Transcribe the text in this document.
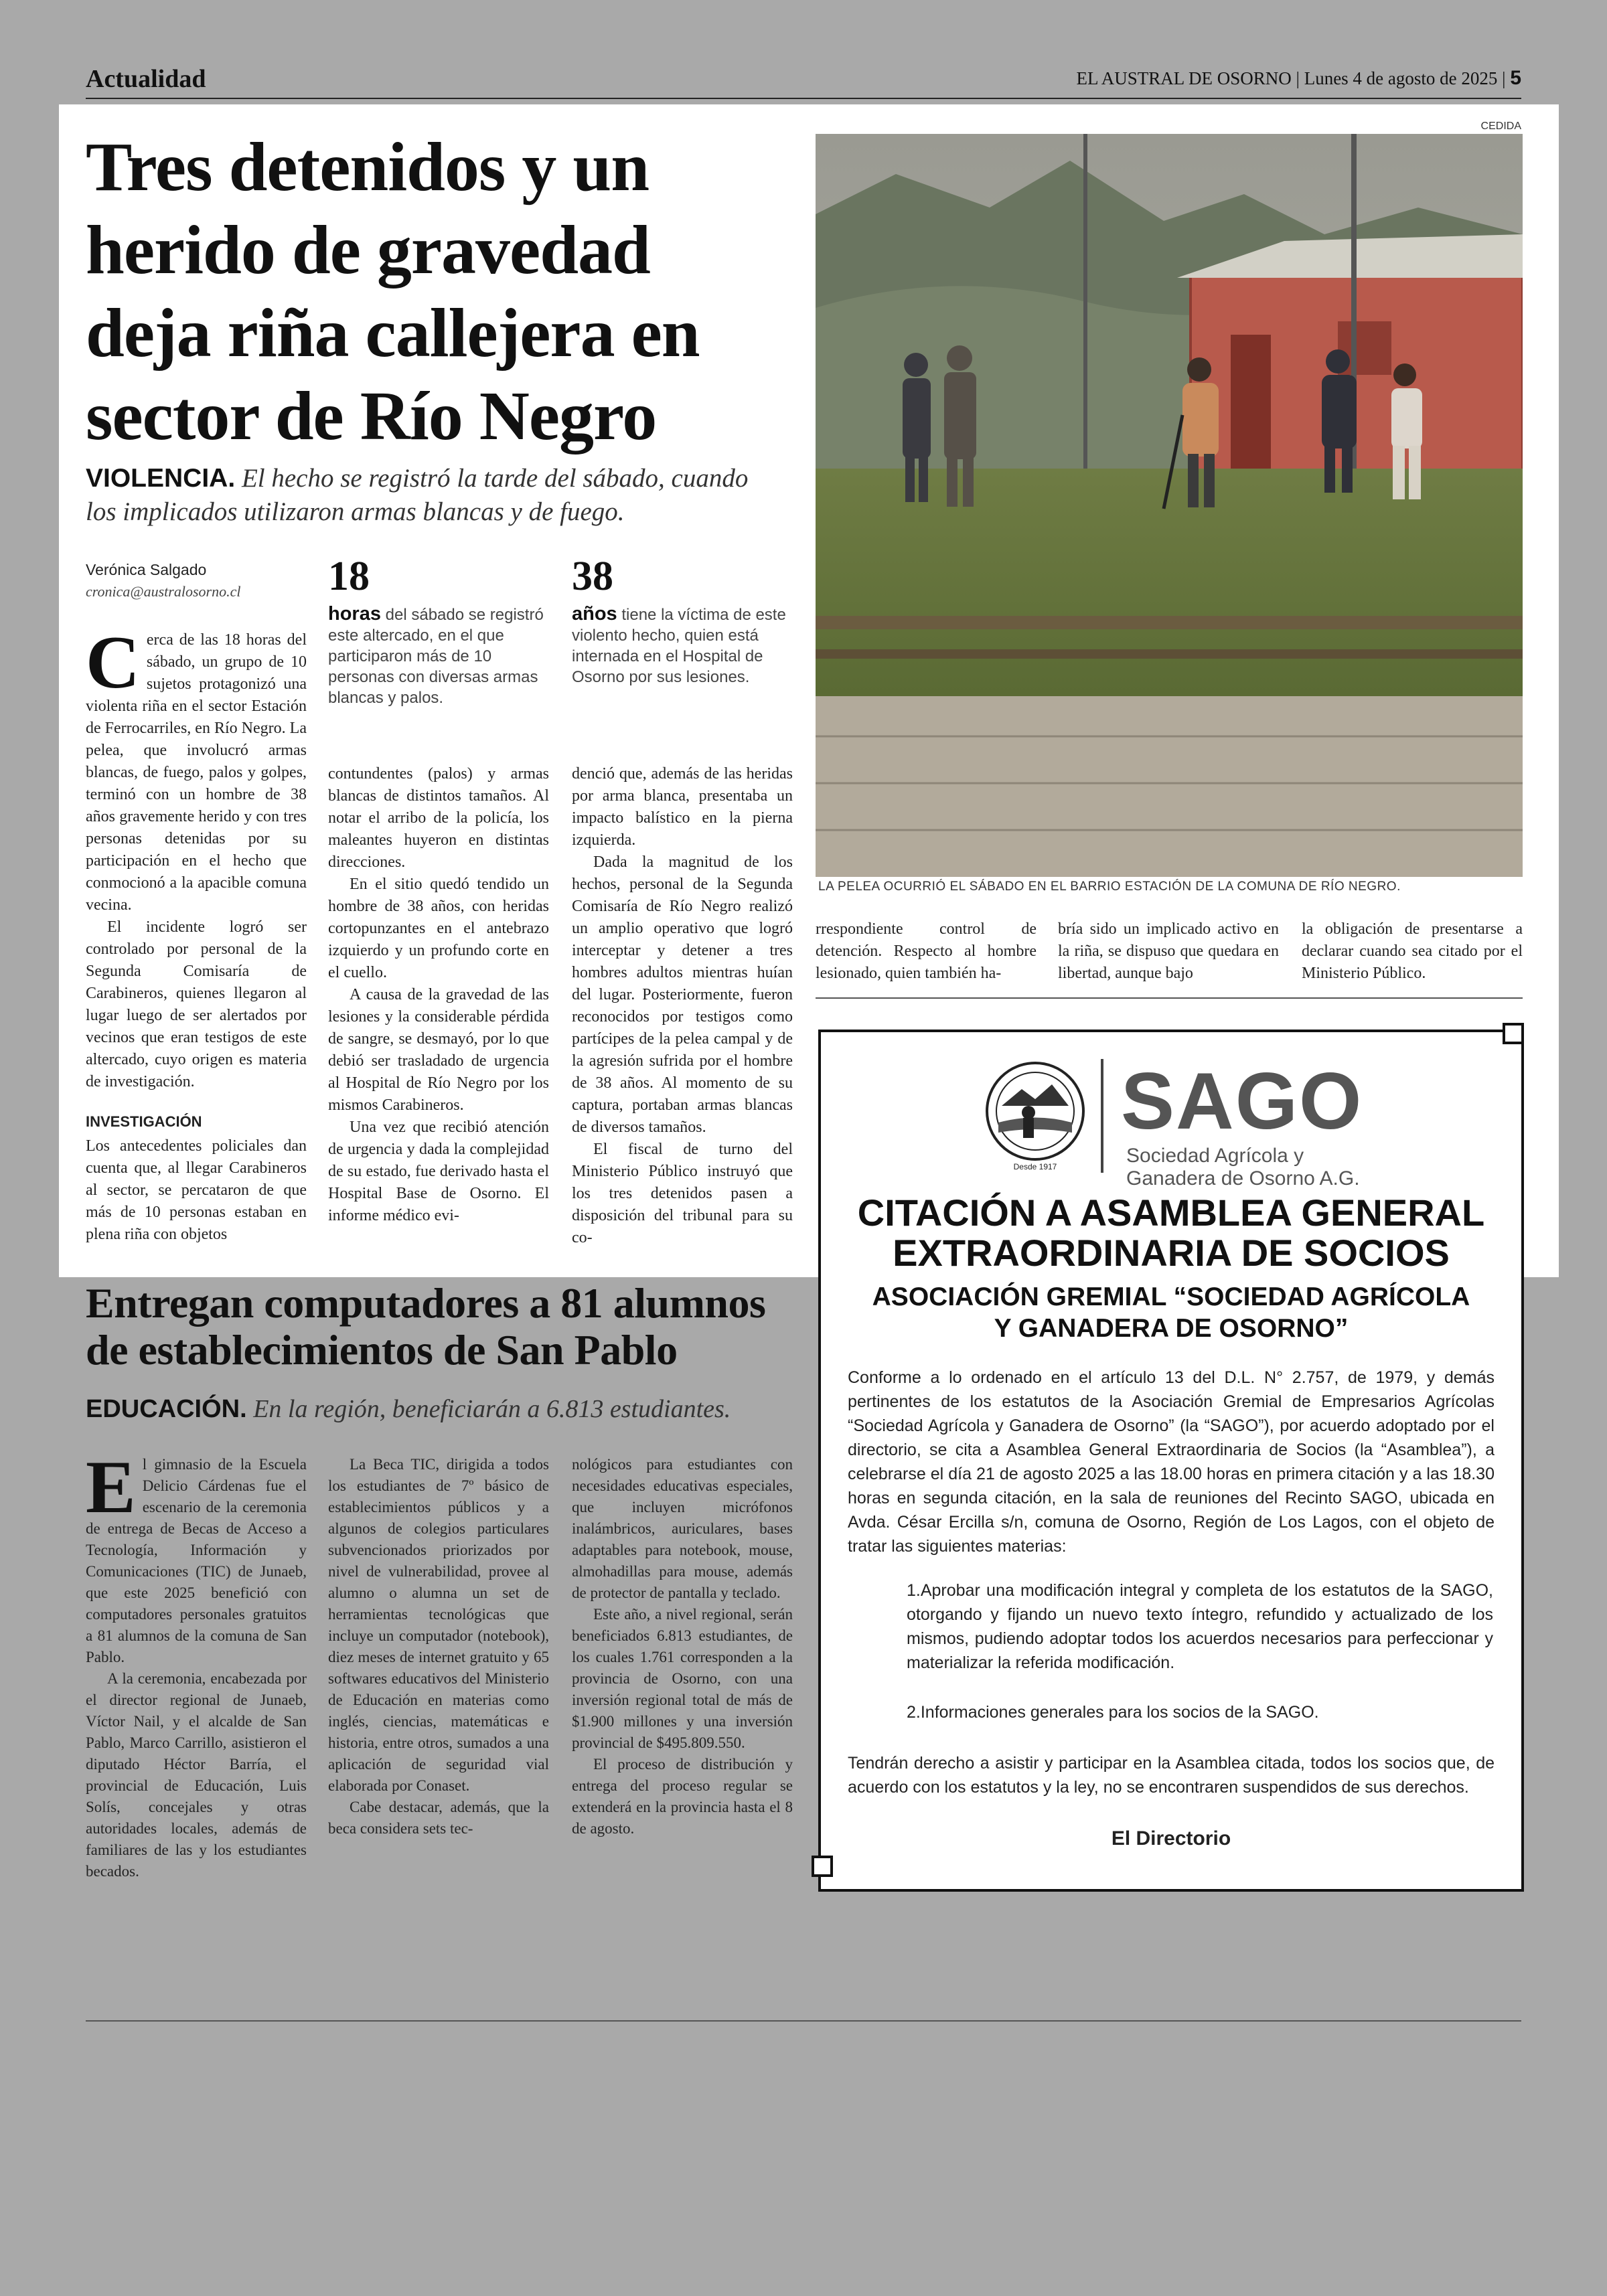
Actualidad	EL AUSTRAL DE OSORNO | Lunes 4 de agosto de 2025 | 5
Tres detenidos y un
herido de gravedad
deja riña callejera en
sector de Río Negro
VIOLENCIA. El hecho se registró la tarde del sábado, cuando los implicados utilizaron armas blancas y de fuego.
Verónica Salgado
cronica@australosorno.cl	18
horas del sábado se registró este altercado, en el que participaron más de 10 personas con diversas armas blancas y palos.
38
años tiene la víctima de este violento hecho, quien está internada en el Hospital de Osorno por sus lesiones.

Cerca de las 18 horas del sábado, un grupo de 10 sujetos protagonizó una violenta riña en el sector Estación de Ferrocarriles, en Río Negro. La pelea, que involucró armas blancas, de fuego, palos y golpes, terminó con un hombre de 38 años gravemente herido y con tres personas detenidas por su participación en el hecho que conmocionó a la apacible comuna vecina.

El incidente logró ser controlado por personal de la Segunda Comisaría de Carabineros, quienes llegaron al lugar luego de ser alertados por vecinos que eran testigos de este altercado, cuyo origen es materia de investigación.

INVESTIGACIÓN

Los antecedentes policiales dan cuenta que, al llegar Carabineros al sector, se percataron de que más de 10 personas estaban en plena riña con objetos

contundentes (palos) y armas blancas de distintos tamaños. Al notar el arribo de la policía, los maleantes huyeron en distintas direcciones.

En el sitio quedó tendido un hombre de 38 años, con heridas cortopunzantes en el antebrazo izquierdo y un profundo corte en el cuello.

A causa de la gravedad de las lesiones y la considerable pérdida de sangre, se desmayó, por lo que debió ser trasladado de urgencia al Hospital de Río Negro por los mismos Carabineros.

Una vez que recibió atención de urgencia y dada la complejidad de su estado, fue derivado hasta el Hospital Base de Osorno. El informe médico evi-

denció que, además de las heridas por arma blanca, presentaba un impacto balístico en la pierna izquierda.

Dada la magnitud de los hechos, personal de la Segunda Comisaría de Río Negro realizó un amplio operativo que logró interceptar y detener a tres hombres adultos mientras huían del lugar. Posteriormente, fueron reconocidos por testigos como partícipes de la pelea campal y de la agresión sufrida por el hombre de 38 años. Al momento de su captura, portaban armas blancas de diversos tamaños.

El fiscal de turno del Ministerio Público instruyó que los tres detenidos pasen a disposición del tribunal para su co-

CEDIDA
LA PELEA OCURRIÓ EL SÁBADO EN EL BARRIO ESTACIÓN DE LA COMUNA DE RÍO NEGRO.

rrespondiente control de detención. Respecto al hombre lesionado, quien también ha-

bría sido un implicado activo en la riña, se dispuso que quedara en libertad, aunque bajo

la obligación de presentarse a declarar cuando sea citado por el Ministerio Público.

Desde 1917
SAGO
Sociedad Agrícola y
Ganadera de Osorno A.G.
CITACIÓN A ASAMBLEA GENERAL
EXTRAORDINARIA DE SOCIOS
ASOCIACIÓN GREMIAL “SOCIEDAD AGRÍCOLA
Y GANADERA DE OSORNO”
Conforme a lo ordenado en el artículo 13 del D.L. N° 2.757, de 1979, y demás pertinentes de los estatutos de la Asociación Gremial de Empresarios Agrícolas “Sociedad Agrícola y Ganadera de Osorno” (la “SAGO”), por acuerdo adoptado por el directorio, se cita a Asamblea General Extraordinaria de Socios (la “Asamblea”), a celebrarse el día 21 de agosto 2025 a las 18.00 horas en primera citación y a las 18.30 horas en segunda citación, en la sala de reuniones del Recinto SAGO, ubicada en Avda. César Ercilla s/n, comuna de Osorno, Región de Los Lagos, con el objeto de tratar las siguientes materias:
1.Aprobar una modificación integral y completa de los estatutos de la SAGO, otorgando y fijando un nuevo texto íntegro, refundido y actualizado de los mismos, pudiendo adoptar todos los acuerdos necesarios para perfeccionar y materializar la referida modificación.
2.Informaciones generales para los socios de la SAGO.
Tendrán derecho a asistir y participar en la Asamblea citada, todos los socios que, de acuerdo con los estatutos y la ley, no se encontraren suspendidos de sus derechos.
El Directorio
Entregan computadores a 81 alumnos
de establecimientos de San Pablo
EDUCACIÓN. En la región, beneficiarán a 6.813 estudiantes.

El gimnasio de la Escuela Delicio Cárdenas fue el escenario de la ceremonia de entrega de Becas de Acceso a Tecnología, Información y Comunicaciones (TIC) de Junaeb, que este 2025 benefició con computadores personales gratuitos a 81 alumnos de la comuna de San Pablo.

A la ceremonia, encabezada por el director regional de Junaeb, Víctor Nail, y el alcalde de San Pablo, Marco Carrillo, asistieron el diputado Héctor Barría, el provincial de Educación, Luis Solís, concejales y otras autoridades locales, además de familiares de las y los estudiantes becados.

La Beca TIC, dirigida a todos los estudiantes de 7º básico de establecimientos públicos y a algunos de colegios particulares subvencionados priorizados por nivel de vulnerabilidad, provee al alumno o alumna un set de herramientas tecnológicas que incluye un computador (notebook), diez meses de internet gratuito y 65 softwares educativos del Ministerio de Educación en materias como inglés, ciencias, matemáticas e historia, entre otros, sumados a una aplicación de seguridad vial elaborada por Conaset.

Cabe destacar, además, que la beca considera sets tec-

nológicos para estudiantes con necesidades educativas especiales, que incluyen micrófonos inalámbricos, auriculares, bases adaptables para notebook, mouse, almohadillas para mouse, además de protector de pantalla y teclado.

Este año, a nivel regional, serán beneficiados 6.813 estudiantes, de los cuales 1.761 corresponden a la provincia de Osorno, con una inversión regional total de más de $1.900 millones y una inversión provincial de $495.809.550.

El proceso de distribución y entrega del proceso regular se extenderá en la provincia hasta el 8 de agosto.
